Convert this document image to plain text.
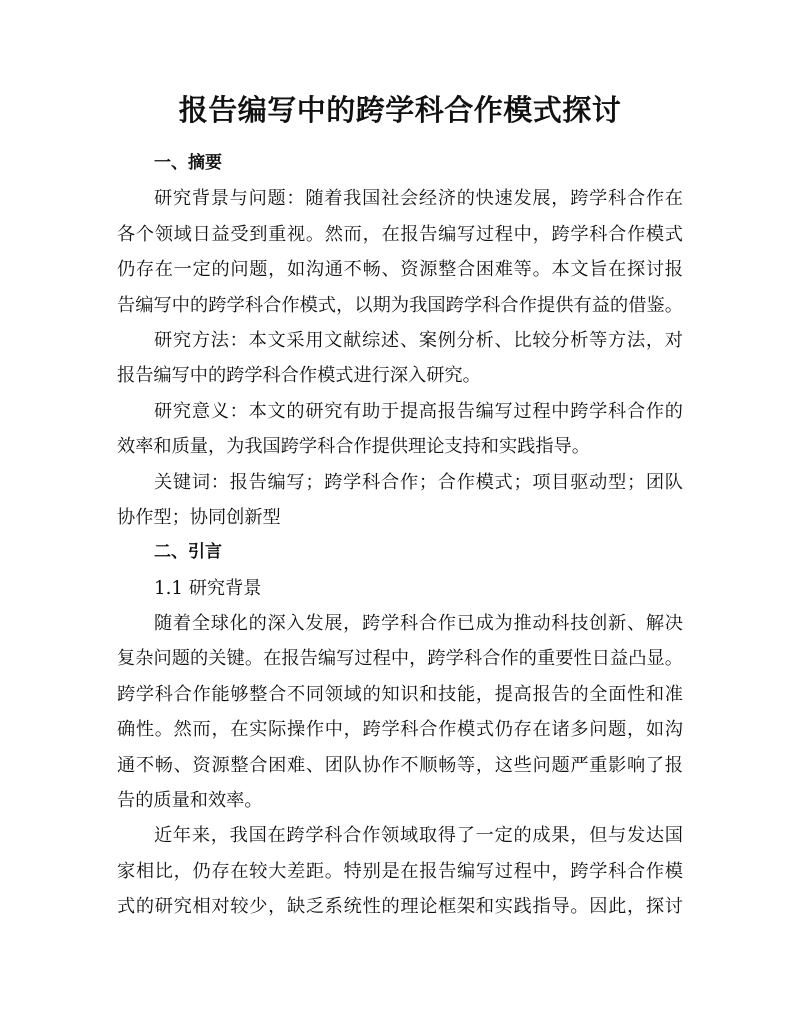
报告编写中的跨学科合作模式探讨
一、摘要
研究背景与问题：随着我国社会经济的快速发展，跨学科合作在
各个领域日益受到重视。然而，在报告编写过程中，跨学科合作模式
仍存在一定的问题，如沟通不畅、资源整合困难等。本文旨在探讨报
告编写中的跨学科合作模式，以期为我国跨学科合作提供有益的借鉴。
研究方法：本文采用文献综述、案例分析、比较分析等方法，对
报告编写中的跨学科合作模式进行深入研究。
研究意义：本文的研究有助于提高报告编写过程中跨学科合作的
效率和质量，为我国跨学科合作提供理论支持和实践指导。
关键词：报告编写；跨学科合作；合作模式；项目驱动型；团队
协作型；协同创新型
二、引言
1.1 研究背景
随着全球化的深入发展，跨学科合作已成为推动科技创新、解决
复杂问题的关键。在报告编写过程中，跨学科合作的重要性日益凸显。
跨学科合作能够整合不同领域的知识和技能，提高报告的全面性和准
确性。然而，在实际操作中，跨学科合作模式仍存在诸多问题，如沟
通不畅、资源整合困难、团队协作不顺畅等，这些问题严重影响了报
告的质量和效率。
近年来，我国在跨学科合作领域取得了一定的成果，但与发达国
家相比，仍存在较大差距。特别是在报告编写过程中，跨学科合作模
式的研究相对较少，缺乏系统性的理论框架和实践指导。因此，探讨
